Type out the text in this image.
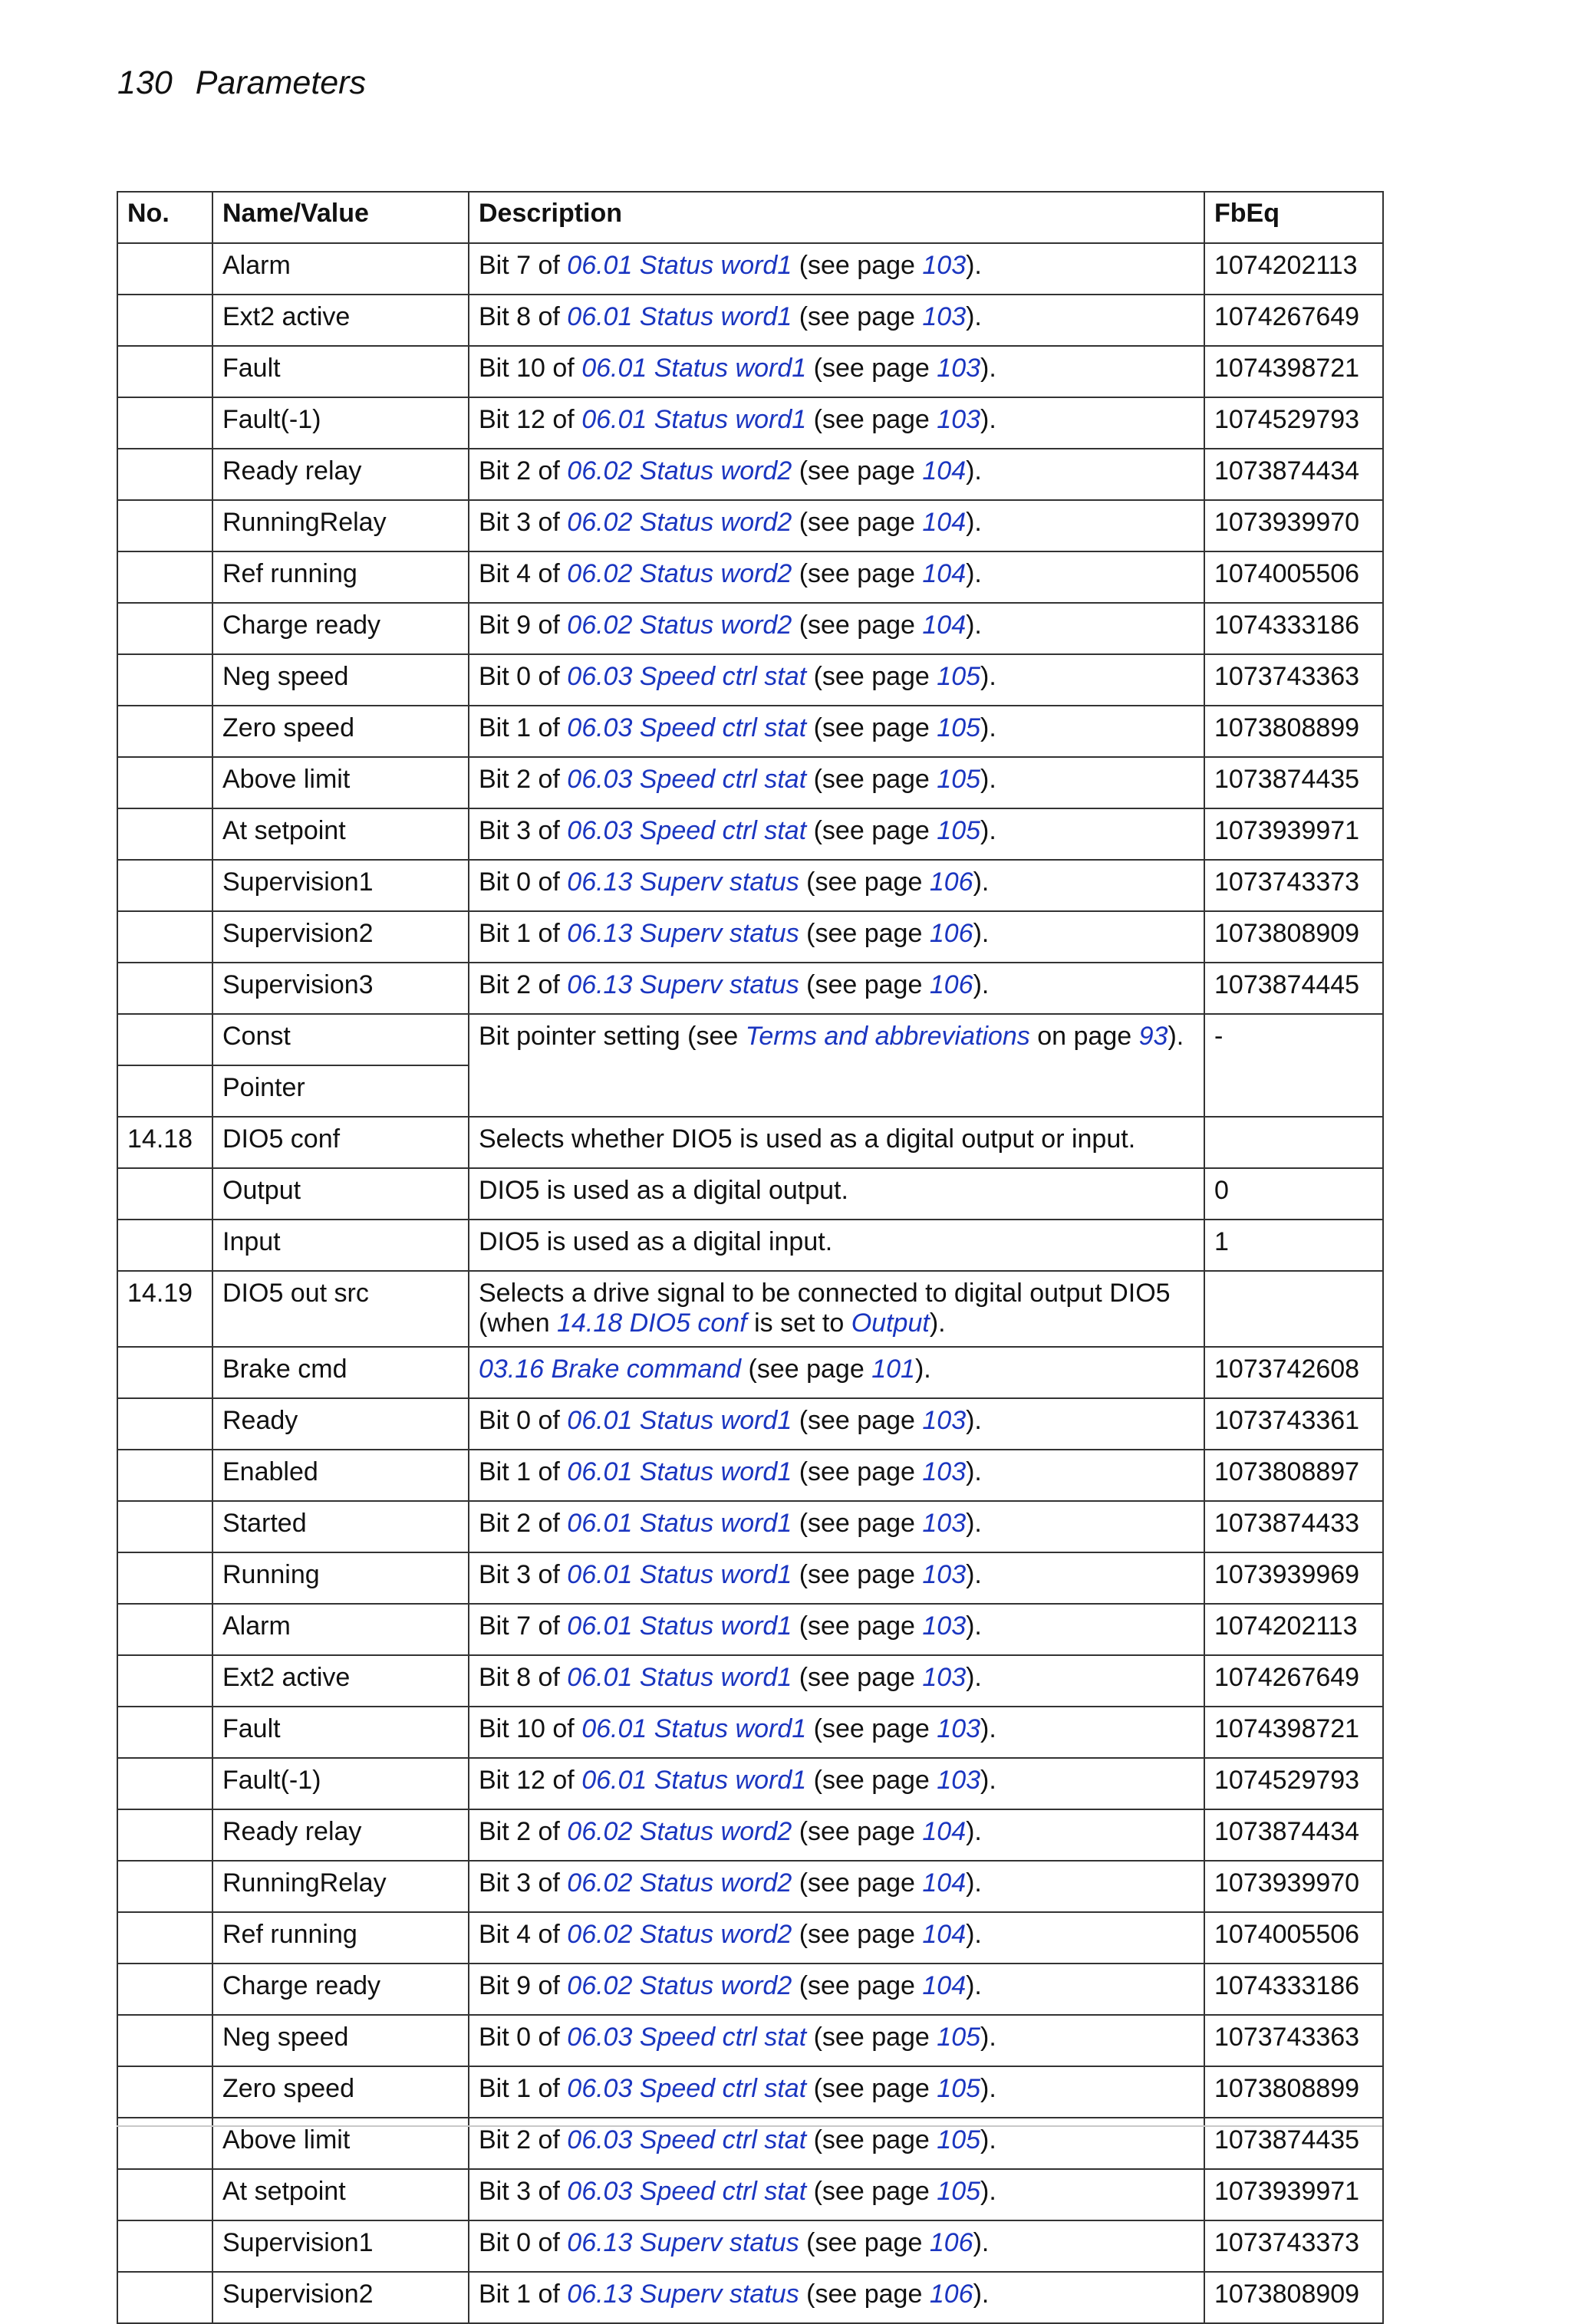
130 Parameters
No.	Name/Value	Description	FbEq
	Alarm	Bit 7 of 06.01 Status word1 (see page 103).	1074202113
	Ext2 active	Bit 8 of 06.01 Status word1 (see page 103).	1074267649
	Fault	Bit 10 of 06.01 Status word1 (see page 103).	1074398721
	Fault(-1)	Bit 12 of 06.01 Status word1 (see page 103).	1074529793
	Ready relay	Bit 2 of 06.02 Status word2 (see page 104).	1073874434
	RunningRelay	Bit 3 of 06.02 Status word2 (see page 104).	1073939970
	Ref running	Bit 4 of 06.02 Status word2 (see page 104).	1074005506
	Charge ready	Bit 9 of 06.02 Status word2 (see page 104).	1074333186
	Neg speed	Bit 0 of 06.03 Speed ctrl stat (see page 105).	1073743363
	Zero speed	Bit 1 of 06.03 Speed ctrl stat (see page 105).	1073808899
	Above limit	Bit 2 of 06.03 Speed ctrl stat (see page 105).	1073874435
	At setpoint	Bit 3 of 06.03 Speed ctrl stat (see page 105).	1073939971
	Supervision1	Bit 0 of 06.13 Superv status (see page 106).	1073743373
	Supervision2	Bit 1 of 06.13 Superv status (see page 106).	1073808909
	Supervision3	Bit 2 of 06.13 Superv status (see page 106).	1073874445
	Const	Bit pointer setting (see Terms and abbreviations on page 93).	-
	Pointer		
14.18	DIO5 conf	Selects whether DIO5 is used as a digital output or input.	
	Output	DIO5 is used as a digital output.	0
	Input	DIO5 is used as a digital input.	1
14.19	DIO5 out src	Selects a drive signal to be connected to digital output DIO5
(when 14.18 DIO5 conf is set to Output).	
	Brake cmd	03.16 Brake command (see page 101).	1073742608
	Ready	Bit 0 of 06.01 Status word1 (see page 103).	1073743361
	Enabled	Bit 1 of 06.01 Status word1 (see page 103).	1073808897
	Started	Bit 2 of 06.01 Status word1 (see page 103).	1073874433
	Running	Bit 3 of 06.01 Status word1 (see page 103).	1073939969
	Alarm	Bit 7 of 06.01 Status word1 (see page 103).	1074202113
	Ext2 active	Bit 8 of 06.01 Status word1 (see page 103).	1074267649
	Fault	Bit 10 of 06.01 Status word1 (see page 103).	1074398721
	Fault(-1)	Bit 12 of 06.01 Status word1 (see page 103).	1074529793
	Ready relay	Bit 2 of 06.02 Status word2 (see page 104).	1073874434
	RunningRelay	Bit 3 of 06.02 Status word2 (see page 104).	1073939970
	Ref running	Bit 4 of 06.02 Status word2 (see page 104).	1074005506
	Charge ready	Bit 9 of 06.02 Status word2 (see page 104).	1074333186
	Neg speed	Bit 0 of 06.03 Speed ctrl stat (see page 105).	1073743363
	Zero speed	Bit 1 of 06.03 Speed ctrl stat (see page 105).	1073808899
	Above limit	Bit 2 of 06.03 Speed ctrl stat (see page 105).	1073874435
	At setpoint	Bit 3 of 06.03 Speed ctrl stat (see page 105).	1073939971
	Supervision1	Bit 0 of 06.13 Superv status (see page 106).	1073743373
	Supervision2	Bit 1 of 06.13 Superv status (see page 106).	1073808909
